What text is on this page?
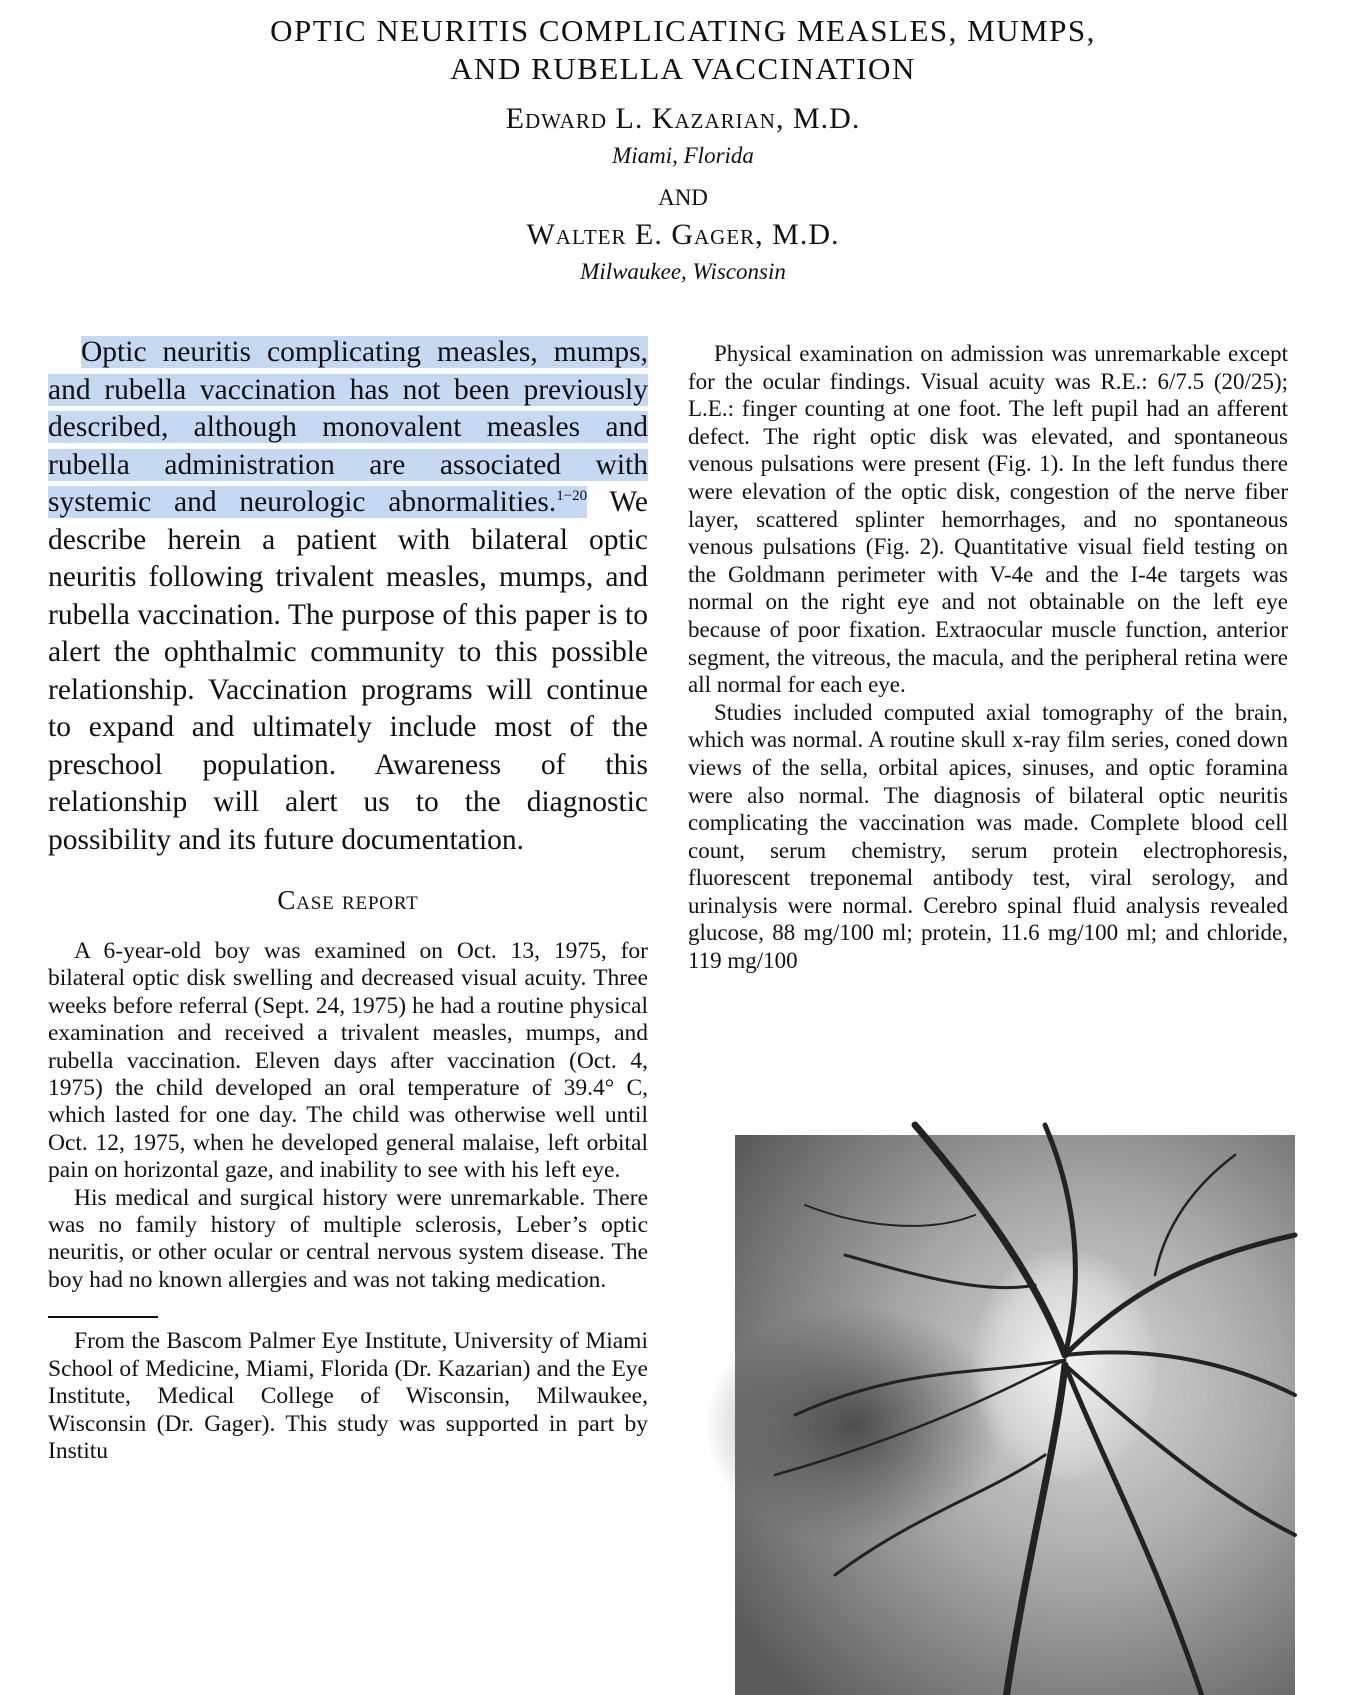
OPTIC NEURITIS COMPLICATING MEASLES, MUMPS,
AND RUBELLA VACCINATION
Edward L. Kazarian, M.D.
Miami, Florida
AND
Walter E. Gager, M.D.
Milwaukee, Wisconsin

Optic neuritis complicating measles, mumps, and rubella vaccination has not been previously described, although monovalent measles and rubella administration are associated with systemic and neurologic abnormalities.$^{1-20}$ We describe herein a patient with bilateral optic neuritis following trivalent measles, mumps, and rubella vaccination. The purpose of this paper is to alert the ophthalmic community to this possible relationship. Vaccination programs will continue to expand and ultimately include most of the preschool population. Awareness of this relationship will alert us to the diagnostic possibility and its future documentation.

Case report

A 6-year-old boy was examined on Oct. 13, 1975, for bilateral optic disk swelling and decreased visual acuity. Three weeks before referral (Sept. 24, 1975) he had a routine physical examination and received a trivalent measles, mumps, and rubella vaccination. Eleven days after vaccination (Oct. 4, 1975) the child developed an oral temperature of 39.4° C, which lasted for one day. The child was otherwise well until Oct. 12, 1975, when he developed general malaise, left orbital pain on horizontal gaze, and inability to see with his left eye.

His medical and surgical history were unremarkable. There was no family history of multiple sclerosis, Leber’s optic neuritis, or other ocular or central nervous system disease. The boy had no known allergies and was not taking medication.

From the Bascom Palmer Eye Institute, University of Miami School of Medicine, Miami, Florida (Dr. Kazarian) and the Eye Institute, Medical College of Wisconsin, Milwaukee, Wisconsin (Dr. Gager). This study was supported in part by Institu

Physical examination on admission was unremarkable except for the ocular findings. Visual acuity was R.E.: 6/7.5 (20/25); L.E.: finger counting at one foot. The left pupil had an afferent defect. The right optic disk was elevated, and spontaneous venous pulsations were present (Fig. 1). In the left fundus there were elevation of the optic disk, congestion of the nerve fiber layer, scattered splinter hemorrhages, and no spontaneous venous pulsations (Fig. 2). Quantitative visual field testing on the Goldmann perimeter with V-4e and the I-4e targets was normal on the right eye and not obtainable on the left eye because of poor fixation. Extraocular muscle function, anterior segment, the vitreous, the macula, and the peripheral retina were all normal for each eye.

Studies included computed axial tomography of the brain, which was normal. A routine skull x-ray film series, coned down views of the sella, orbital apices, sinuses, and optic foramina were also normal. The diagnosis of bilateral optic neuritis complicating the vaccination was made. Complete blood cell count, serum chemistry, serum protein electrophoresis, fluorescent treponemal antibody test, viral serology, and urinalysis were normal. Cerebro spinal fluid analysis revealed glucose, 88 mg/100 ml; protein, 11.6 mg/100 ml; and chloride, 119 mg/100
